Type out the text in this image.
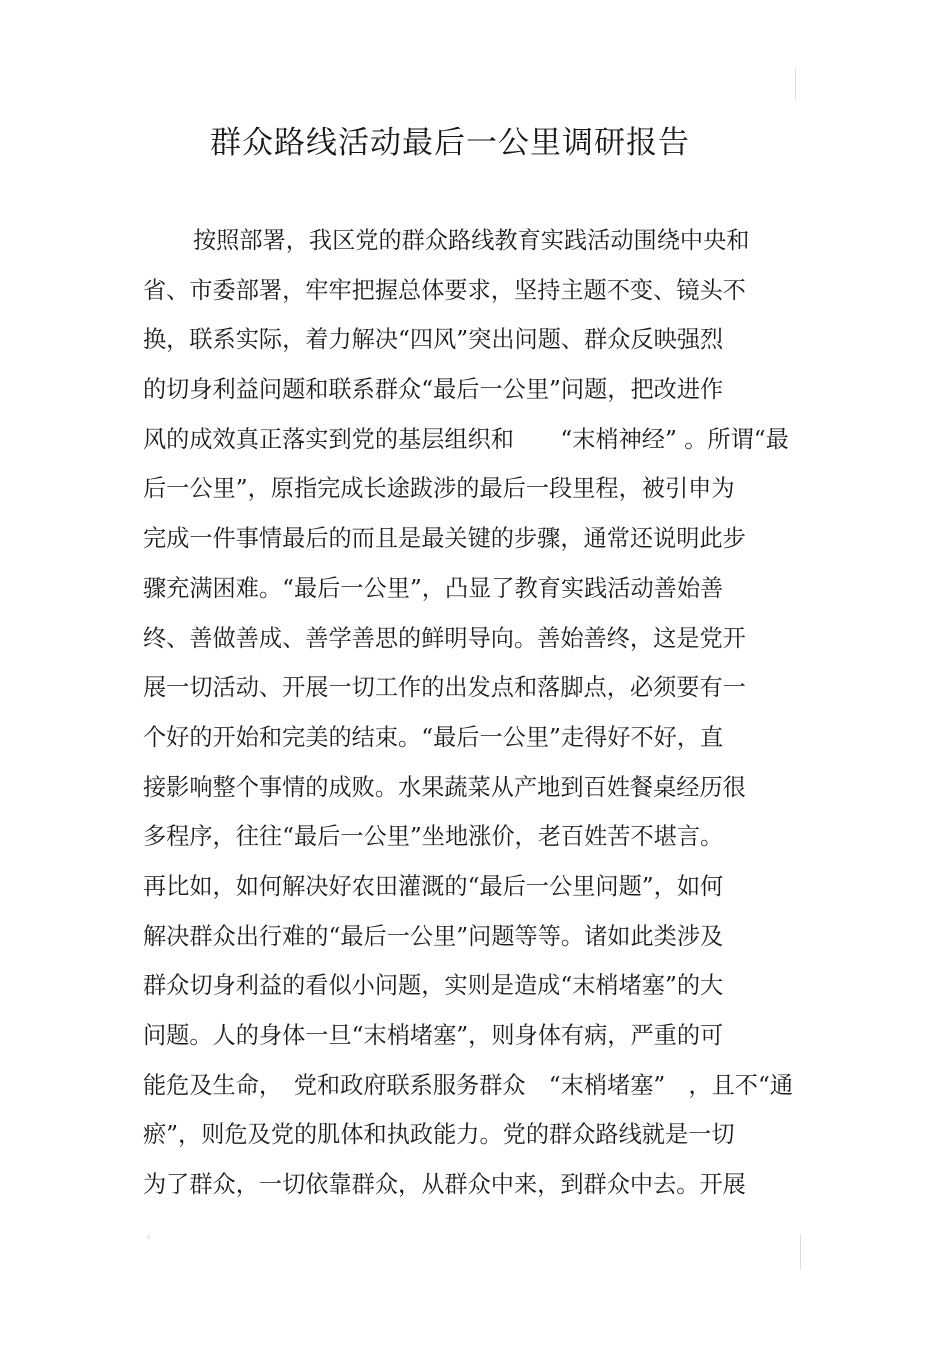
群众路线活动最后一公里调研报告
按照部署，我区党的群众路线教育实践活动围绕中央和
省、市委部署，牢牢把握总体要求，坚持主题不变、镜头不
换，联系实际，着力解决“四风”突出问题、群众反映强烈
的切身利益问题和联系群众“最后一公里”问题，把改进作
风的成效真正落实到党的基层组织和　　“末梢神经” 。所谓“最
后一公里”，原指完成长途跋涉的最后一段里程，被引申为
完成一件事情最后的而且是最关键的步骤，通常还说明此步
骤充满困难。“最后一公里”，凸显了教育实践活动善始善
终、善做善成、善学善思的鲜明导向。善始善终，这是党开
展一切活动、开展一切工作的出发点和落脚点，必须要有一
个好的开始和完美的结束。“最后一公里”走得好不好，直
接影响整个事情的成败。水果蔬菜从产地到百姓餐桌经历很
多程序，往往“最后一公里”坐地涨价，老百姓苦不堪言。
再比如，如何解决好农田灌溉的“最后一公里问题”，如何
解决群众出行难的“最后一公里”问题等等。诸如此类涉及
群众切身利益的看似小问题，实则是造成“末梢堵塞”的大
问题。人的身体一旦“末梢堵塞”，则身体有病，严重的可
能危及生命，　党和政府联系服务群众　“末梢堵塞”　，且不“通
瘀”，则危及党的肌体和执政能力。党的群众路线就是一切
为了群众，一切依靠群众，从群众中来，到群众中去。开展
